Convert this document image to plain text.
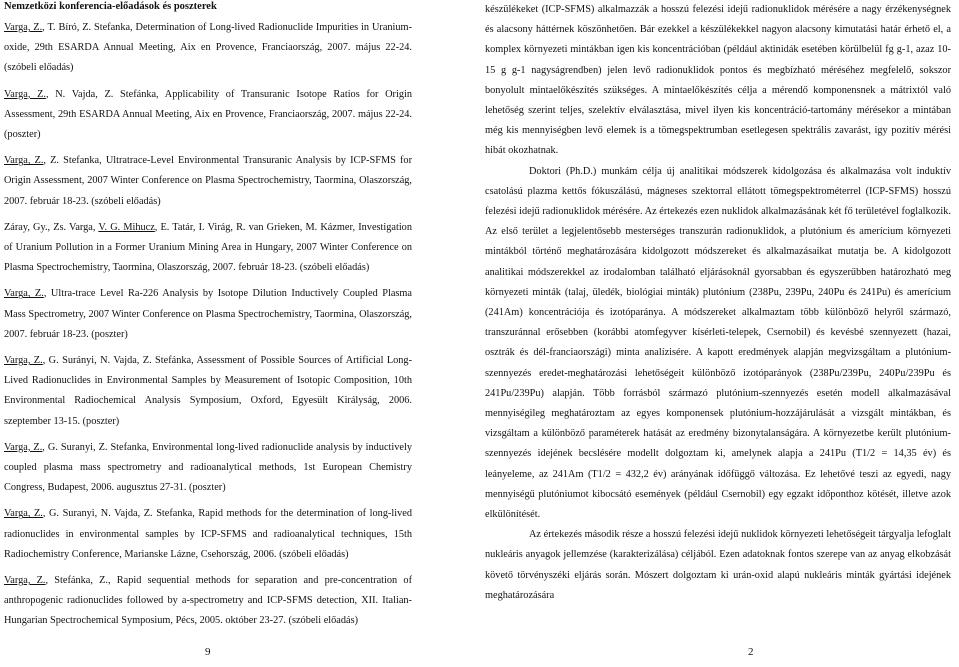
Nemzetközi konferencia-előadások és poszterek

Varga, Z., T. Bíró, Z. Stefanka, Determination of Long-lived Radionuclide Impurities in Uranium-oxide, 29th ESARDA Annual Meeting, Aix en Provence, Franciaország, 2007. május 22-24. (szóbeli előadás)

Varga, Z., N. Vajda, Z. Stefánka, Applicability of Transuranic Isotope Ratios for Origin Assessment, 29th ESARDA Annual Meeting, Aix en Provence, Franciaország, 2007. május 22-24. (poszter)

Varga, Z., Z. Stefanka, Ultratrace-Level Environmental Transuranic Analysis by ICP-SFMS for Origin Assessment, 2007 Winter Conference on Plasma Spectrochemistry, Taormina, Olaszország, 2007. február 18-23. (szóbeli előadás)

Záray, Gy., Zs. Varga, V. G. Mihucz, E. Tatár, I. Virág, R. van Grieken, M. Kázmer, Investigation of Uranium Pollution in a Former Uranium Mining Area in Hungary, 2007 Winter Conference on Plasma Spectrochemistry, Taormina, Olaszország, 2007. február 18-23. (szóbeli előadás)

Varga, Z., Ultra-trace Level Ra-226 Analysis by Isotope Dilution Inductively Coupled Plasma Mass Spectrometry, 2007 Winter Conference on Plasma Spectrochemistry, Taormina, Olaszország, 2007. február 18-23. (poszter)

Varga, Z., G. Surányi, N. Vajda, Z. Stefánka, Assessment of Possible Sources of Artificial Long-Lived Radionuclides in Environmental Samples by Measurement of Isotopic Composition, 10th Environmental Radiochemical Analysis Symposium, Oxford, Egyesült Királyság, 2006. szeptember 13-15. (poszter)

Varga, Z., G. Suranyi, Z. Stefanka, Environmental long-lived radionuclide analysis by inductively coupled plasma mass spectrometry and radioanalytical methods, 1st European Chemistry Congress, Budapest, 2006. augusztus 27-31. (poszter)

Varga, Z., G. Suranyi, N. Vajda, Z. Stefanka, Rapid methods for the determination of long-lived radionuclides in environmental samples by ICP-SFMS and radioanalytical techniques, 15th Radiochemistry Conference, Marianske Lázne, Csehország, 2006. (szóbeli előadás)

Varga, Z., Stefánka, Z., Rapid sequential methods for separation and pre-concentration of anthropogenic radionuclides followed by a-spectrometry and ICP-SFMS detection, XII. Italian-Hungarian Spectrochemical Symposium, Pécs, 2005. október 23-27. (szóbeli előadás)

9

készülékeket (ICP-SFMS) alkalmazzák a hosszú felezési idejű radionuklidok mérésére a nagy érzékenységnek és alacsony háttérnek köszönhetően. Bár ezekkel a készülékekkel nagyon alacsony kimutatási határ érhető el, a komplex környezeti mintákban igen kis koncentrációban (például aktinidák esetében körülbelül fg g-1, azaz 10-15 g g-1 nagyságrendben) jelen levő radionuklidok pontos és megbízható méréséhez megfelelő, sokszor bonyolult mintaelőkészítés szükséges. A mintaelőkészítés célja a mérendő komponensnek a mátrixtól való lehetőség szerint teljes, szelektív elválasztása, mivel ilyen kis koncentráció-tartomány mérésekor a mintában még kis mennyiségben levő elemek is a tömegspektrumban esetlegesen spektrális zavarást, így pozitív mérési hibát okozhatnak.

Doktori (Ph.D.) munkám célja új analitikai módszerek kidolgozása és alkalmazása volt induktív csatolású plazma kettős fókuszálású, mágneses szektorral ellátott tömegspektrométerrel (ICP-SFMS) hosszú felezési idejű radionuklidok mérésére. Az értekezés ezen nuklidok alkalmazásának két fő területével foglalkozik. Az első terület a legjelentősebb mesterséges transzurán radionuklidok, a plutónium és amerícium környezeti mintákból történő meghatározására kidolgozott módszereket és alkalmazásaikat mutatja be. A kidolgozott analitikai módszerekkel az irodalomban található eljárásoknál gyorsabban és egyszerűbben határozható meg környezeti minták (talaj, üledék, biológiai minták) plutónium (238Pu, 239Pu, 240Pu és 241Pu) és amerícium (241Am) koncentrációja és izotóparánya. A módszereket alkalmaztam több különböző helyről származó, transzuránnal erősebben (korábbi atomfegyver kísérleti-telepek, Csernobil) és kevésbé szennyezett (hazai, osztrák és dél-franciaországi) minta analízisére. A kapott eredmények alapján megvizsgáltam a plutónium-szennyezés eredet-meghatározási lehetőségeit különböző izotóparányok (238Pu/239Pu, 240Pu/239Pu és 241Pu/239Pu) alapján. Több forrásból származó plutónium-szennyezés esetén modell alkalmazásával mennyiségileg meghatároztam az egyes komponensek plutónium-hozzájárulását a vizsgált mintákban, és vizsgáltam a különböző paraméterek hatását az eredmény bizonytalanságára. A környezetbe került plutónium-szennyezés idejének becslésére modellt dolgoztam ki, amelynek alapja a 241Pu (T1/2 = 14,35 év) és leányeleme, az 241Am (T1/2 = 432,2 év) arányának időfüggő változása. Ez lehetővé teszi az egyedi, nagy mennyiségű plutóniumot kibocsátó események (például Csernobil) egy egzakt időponthoz kötését, illetve azok elkülönítését.

Az értekezés második része a hosszú felezési idejű nuklidok környezeti lehetőségeit tárgyalja lefoglalt nukleáris anyagok jellemzése (karakterizálása) céljából. Ezen adatoknak fontos szerepe van az anyag elkobzását követő törvényszéki eljárás során. Mószert dolgoztam ki urán-oxid alapú nukleáris minták gyártási idejének meghatározására

2
